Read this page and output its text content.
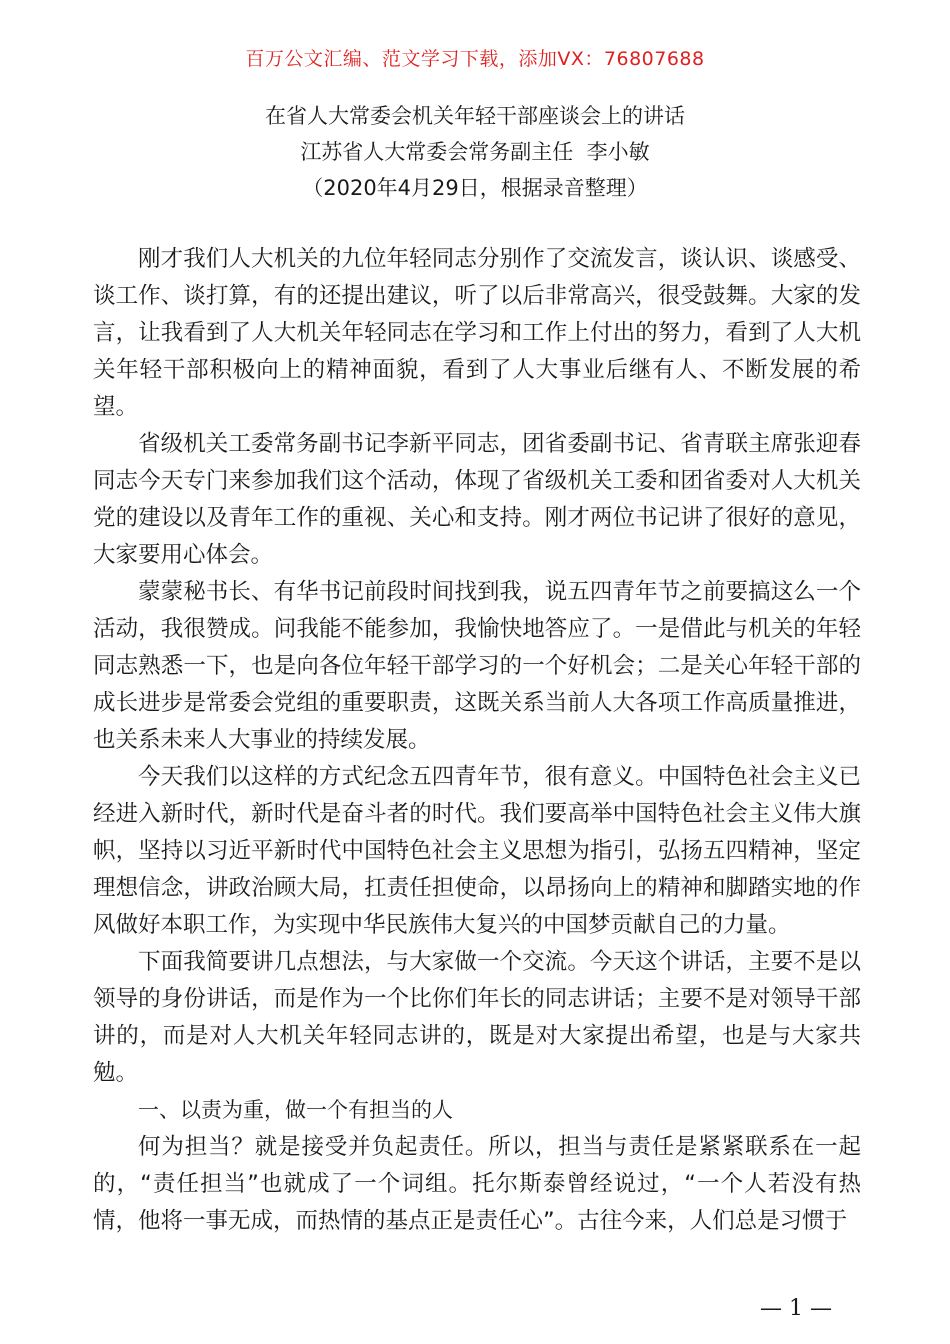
百万公文汇编、范文学习下载，添加VX：76807688
在省人大常委会机关年轻干部座谈会上的讲话
江苏省人大常委会常务副主任  李小敏
（2020年4月29日，根据录音整理）

刚才我们人大机关的九位年轻同志分别作了交流发言，谈认识、谈感受、谈工作、谈打算，有的还提出建议，听了以后非常高兴，很受鼓舞。大家的发言，让我看到了人大机关年轻同志在学习和工作上付出的努力，看到了人大机关年轻干部积极向上的精神面貌，看到了人大事业后继有人、不断发展的希望。

省级机关工委常务副书记李新平同志，团省委副书记、省青联主席张迎春同志今天专门来参加我们这个活动，体现了省级机关工委和团省委对人大机关党的建设以及青年工作的重视、关心和支持。刚才两位书记讲了很好的意见，大家要用心体会。

蒙蒙秘书长、有华书记前段时间找到我，说五四青年节之前要搞这么一个活动，我很赞成。问我能不能参加，我愉快地答应了。一是借此与机关的年轻同志熟悉一下，也是向各位年轻干部学习的一个好机会；二是关心年轻干部的成长进步是常委会党组的重要职责，这既关系当前人大各项工作高质量推进，也关系未来人大事业的持续发展。

今天我们以这样的方式纪念五四青年节，很有意义。中国特色社会主义已经进入新时代，新时代是奋斗者的时代。我们要高举中国特色社会主义伟大旗帜，坚持以习近平新时代中国特色社会主义思想为指引，弘扬五四精神，坚定理想信念，讲政治顾大局，扛责任担使命，以昂扬向上的精神和脚踏实地的作风做好本职工作，为实现中华民族伟大复兴的中国梦贡献自己的力量。

下面我简要讲几点想法，与大家做一个交流。今天这个讲话，主要不是以领导的身份讲话，而是作为一个比你们年长的同志讲话；主要不是对领导干部讲的，而是对人大机关年轻同志讲的，既是对大家提出希望，也是与大家共勉。

一、以责为重，做一个有担当的人

何为担当？就是接受并负起责任。所以，担当与责任是紧紧联系在一起的，“责任担当”也就成了一个词组。托尔斯泰曾经说过，“一个人若没有热情，他将一事无成，而热情的基点正是责任心”。古往今来，人们总是习惯于

— 1 —
